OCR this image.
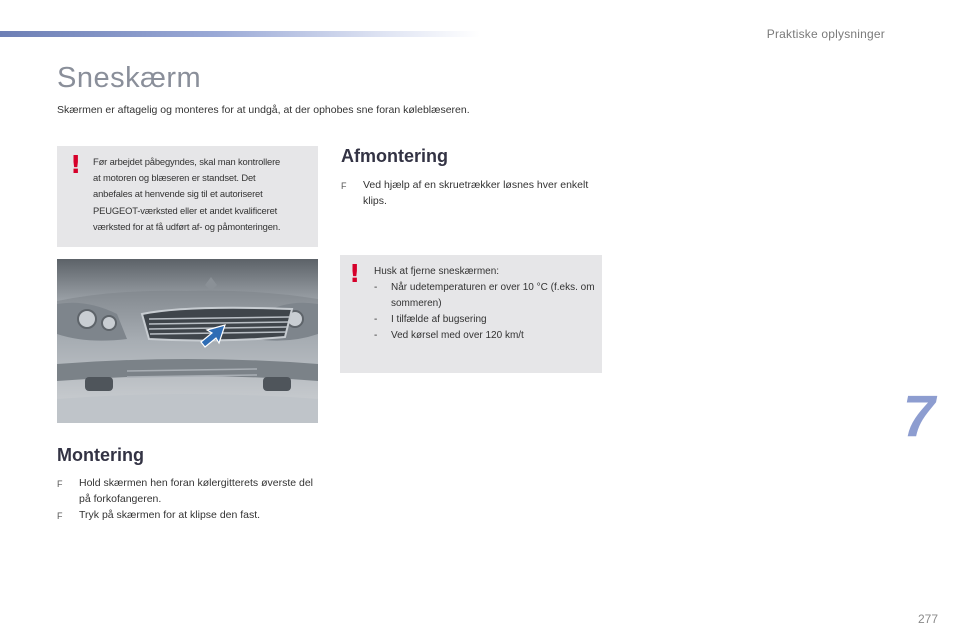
Praktiske oplysninger
Sneskærm

Skærmen er aftagelig og monteres for at undgå, at der ophobes sne foran køleblæseren.

! Før arbejdet påbegyndes, skal man kontrollere
at motoren og blæseren er standset. Det
anbefales at henvende sig til et autoriseret
PEUGEOT-værksted eller et andet kvalificeret
værksted for at få udført af- og påmonteringen.
Afmontering
F	Ved hjælp af en skruetrækker løsnes hver enkelt klips.
! Husk at fjerne sneskærmen:
-	Når udetemperaturen er over 10 °C (f.eks. om sommeren)
-	I tilfælde af bugsering
-	Ved kørsel med over 120 km/t
Montering
F	Hold skærmen hen foran kølergitterets øverste del på forkofangeren.
F	Tryk på skærmen for at klipse den fast.
7
277
